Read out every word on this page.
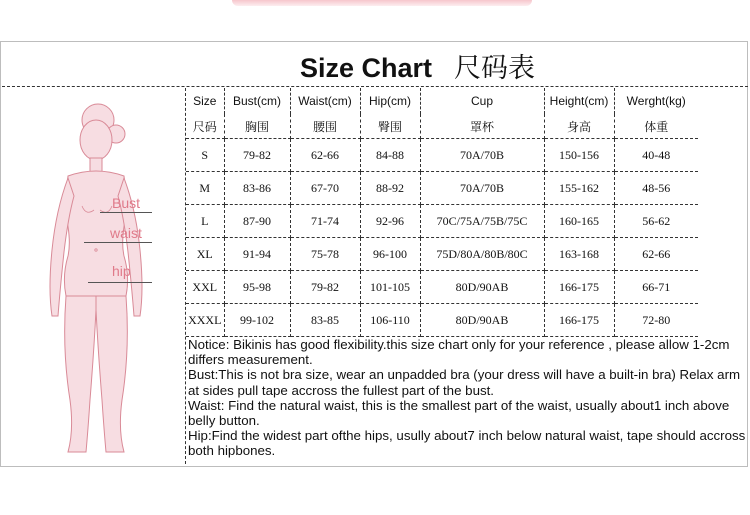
Size Chart 尺码表
Bust
waist
hip
Size	Bust(cm)	Waist(cm)	Hip(cm)	Cup	Height(cm)	Werght(kg)
尺码	胸围	腰围	臀围	罩杯	身高	体重
S	79-82	62-66	84-88	70A/70B	150-156	40-48
M	83-86	67-70	88-92	70A/70B	155-162	48-56
L	87-90	71-74	92-96	70C/75A/75B/75C	160-165	56-62
XL	91-94	75-78	96-100	75D/80A/80B/80C	163-168	62-66
XXL	95-98	79-82	101-105	80D/90AB	166-175	66-71
XXXL	99-102	83-85	106-110	80D/90AB	166-175	72-80

Notice: Bikinis has good flexibility.this size chart only for your reference , please allow 1-2cm differs measurement.

Bust:This is not bra size, wear an unpadded bra (your dress will have a built-in bra) Relax arm at sides pull tape accross the fullest part of the bust.

Waist: Find the natural waist, this is the smallest part of the waist, usually about1 inch above belly button.

Hip:Find the widest part ofthe hips, usully about7 inch below natural waist, tape should accross both hipbones.
